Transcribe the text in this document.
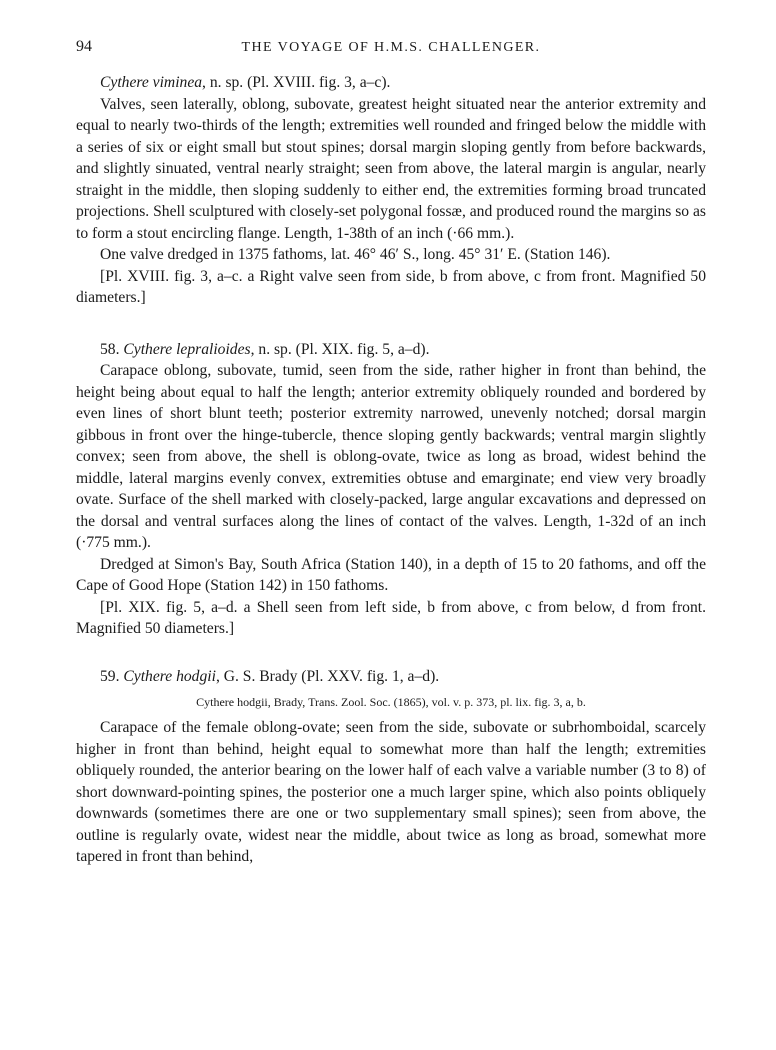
94	THE VOYAGE OF H.M.S. CHALLENGER.

Cythere viminea, n. sp. (Pl. XVIII. fig. 3, a–c).

Valves, seen laterally, oblong, subovate, greatest height situated near the anterior extremity and equal to nearly two-thirds of the length; extremities well rounded and fringed below the middle with a series of six or eight small but stout spines; dorsal margin sloping gently from before backwards, and slightly sinuated, ventral nearly straight; seen from above, the lateral margin is angular, nearly straight in the middle, then sloping suddenly to either end, the extremities forming broad truncated projections. Shell sculptured with closely-set polygonal fossæ, and produced round the margins so as to form a stout encircling flange. Length, 1-38th of an inch (·66 mm.).

One valve dredged in 1375 fathoms, lat. 46° 46′ S., long. 45° 31′ E. (Station 146).

[Pl. XVIII. fig. 3, a–c. a Right valve seen from side, b from above, c from front. Magnified 50 diameters.]

58. Cythere lepralioides, n. sp. (Pl. XIX. fig. 5, a–d).

Carapace oblong, subovate, tumid, seen from the side, rather higher in front than behind, the height being about equal to half the length; anterior extremity obliquely rounded and bordered by even lines of short blunt teeth; posterior extremity narrowed, unevenly notched; dorsal margin gibbous in front over the hinge-tubercle, thence sloping gently backwards; ventral margin slightly convex; seen from above, the shell is oblong-ovate, twice as long as broad, widest behind the middle, lateral margins evenly convex, extremities obtuse and emarginate; end view very broadly ovate. Surface of the shell marked with closely-packed, large angular excavations and depressed on the dorsal and ventral surfaces along the lines of contact of the valves. Length, 1-32d of an inch (·775 mm.).

Dredged at Simon's Bay, South Africa (Station 140), in a depth of 15 to 20 fathoms, and off the Cape of Good Hope (Station 142) in 150 fathoms.

[Pl. XIX. fig. 5, a–d. a Shell seen from left side, b from above, c from below, d from front. Magnified 50 diameters.]

59. Cythere hodgii, G. S. Brady (Pl. XXV. fig. 1, a–d).

Cythere hodgii, Brady, Trans. Zool. Soc. (1865), vol. v. p. 373, pl. lix. fig. 3, a, b.

Carapace of the female oblong-ovate; seen from the side, subovate or subrhomboidal, scarcely higher in front than behind, height equal to somewhat more than half the length; extremities obliquely rounded, the anterior bearing on the lower half of each valve a variable number (3 to 8) of short downward-pointing spines, the posterior one a much larger spine, which also points obliquely downwards (sometimes there are one or two supplementary small spines); seen from above, the outline is regularly ovate, widest near the middle, about twice as long as broad, somewhat more tapered in front than behind,
